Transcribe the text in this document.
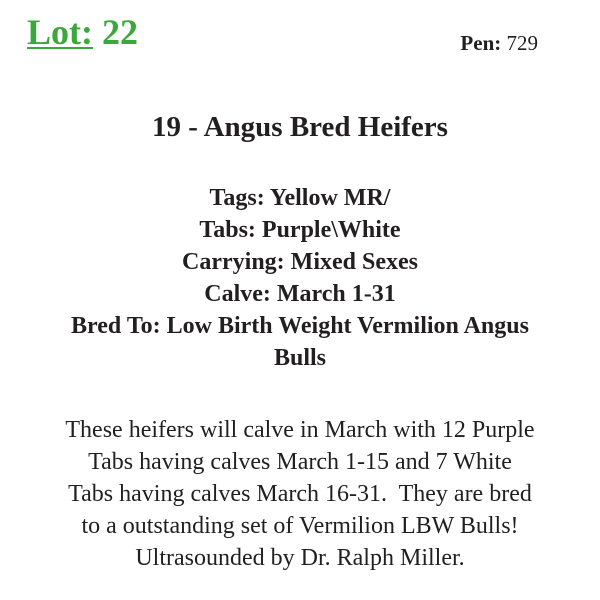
Lot: 22	Pen: 729
19 - Angus Bred Heifers
Tags: Yellow MR/
Tabs: Purple\White
Carrying: Mixed Sexes
Calve: March 1-31
Bred To: Low Birth Weight Vermilion Angus
Bulls
These heifers will calve in March with 12 Purple
Tabs having calves March 1-15 and 7 White
Tabs having calves March 16-31.  They are bred
to a outstanding set of Vermilion LBW Bulls!
Ultrasounded by Dr. Ralph Miller.
